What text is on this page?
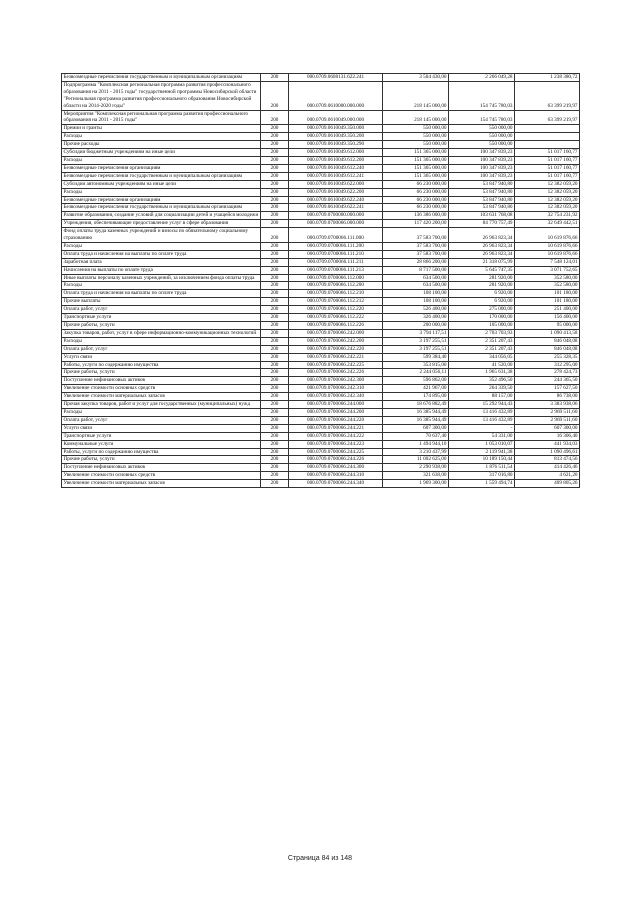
Безвозмездные перечисления государственным и муниципальным организациям	200	000.0709.0608131.622.241	3 504 430,00	2 266 049,28	1 238 380,72
Подпрограмма "Комплексная региональная программа развития профессионального образования на 2011 - 2015 годы" государственной программы Новосибирской области "Региональная программа развития профессионального образования Новосибирской области на 2014-2020 годы"	200	000.0709.0610000.000.000	218 145 000,00	154 745 780,03	63 399 219,97
Мероприятия "Комплексная региональная программа развития профессионального образования на 2011 - 2015 годы"	200	000.0709.0610049.000.000	218 145 000,00	154 745 780,03	63 399 219,97
Премии и гранты	200	000.0709.0610049.350.000	550 000,00	550 000,00	
Расходы	200	000.0709.0610049.350.200	550 000,00	550 000,00	
Прочие расходы	200	000.0709.0610049.350.290	550 000,00	550 000,00	
Субсидии бюджетным учреждениям на иные цели	200	000.0709.0610049.612.000	151 365 000,00	100 347 839,23	51 017 160,77
Расходы	200	000.0709.0610049.612.200	151 365 000,00	100 347 839,23	51 017 160,77
Безвозмездные перечисления организациям	200	000.0709.0610049.612.240	151 365 000,00	100 347 839,23	51 017 160,77
Безвозмездные перечисления государственным и муниципальным организациям	200	000.0709.0610049.612.241	151 365 000,00	100 347 839,23	51 017 160,77
Субсидии автономным учреждениям на иные цели	200	000.0709.0610049.622.000	66 230 000,00	53 847 940,80	12 382 059,20
Расходы	200	000.0709.0610049.622.200	66 230 000,00	53 847 940,80	12 382 059,20
Безвозмездные перечисления организациям	200	000.0709.0610049.622.240	66 230 000,00	53 847 940,80	12 382 059,20
Безвозмездные перечисления государственным и муниципальным организациям	200	000.0709.0610049.622.241	66 230 000,00	53 847 940,80	12 382 059,20
Развитие образования, создание условий для социализации детей и учащейся молодежи	200	000.0709.0700000.000.000	136 386 000,00	103 631 768,08	32 754 231,92
Учреждения, обеспечивающие предоставление услуг в сфере образования	200	000.0709.0700066.000.000	117 420 200,00	84 770 757,49	32 649 442,51
Фонд оплаты труда казенных учреждений и взносы по обязательному социальному страхованию	200	000.0709.0700066.111.000	37 583 700,00	26 963 823,34	10 619 876,66
Расходы	200	000.0709.0700066.111.200	37 583 700,00	26 963 823,34	10 619 876,66
Оплата труда и начисления на выплаты по оплате труда	200	000.0709.0700066.111.210	37 583 700,00	26 963 823,34	10 619 876,66
Заработная плата	200	000.0709.0700066.111.211	28 866 200,00	21 318 075,99	7 548 124,01
Начисления на выплаты по оплате труда	200	000.0709.0700066.111.213	8 717 500,00	5 645 747,35	3 071 752,65
Иные выплаты персоналу казенных учреждений, за исключением фонда оплаты труда	200	000.0709.0700066.112.000	634 500,00	281 920,00	352 580,00
Расходы	200	000.0709.0700066.112.200	634 500,00	281 920,00	352 580,00
Оплата труда и начисления на выплаты по оплате труда	200	000.0709.0700066.112.210	108 100,00	6 920,00	101 180,00
Прочие выплаты	200	000.0709.0700066.112.212	108 100,00	6 920,00	101 180,00
Оплата работ, услуг	200	000.0709.0700066.112.220	526 400,00	275 000,00	251 400,00
Транспортные услуги	200	000.0709.0700066.112.222	326 400,00	170 000,00	156 400,00
Прочие работы, услуги	200	000.0709.0700066.112.226	200 000,00	105 000,00	95 000,00
Закупка товаров, работ, услуг в сфере информационно-коммуникационных технологий	200	000.0709.0700066.242.000	3 794 117,51	2 703 703,93	1 090 413,58
Расходы	200	000.0709.0700066.242.200	3 197 255,51	2 351 207,43	846 048,08
Оплата работ, услуг	200	000.0709.0700066.242.220	3 197 255,51	2 351 207,43	846 048,08
Услуги связи	200	000.0709.0700066.242.221	599 384,40	344 056,05	255 328,35
Работы, услуги по содержанию имущества	200	000.0709.0700066.242.225	353 815,00	41 520,00	312 295,00
Прочие работы, услуги	200	000.0709.0700066.242.226	2 244 056,11	1 965 631,38	278 424,73
Поступление нефинансовых активов	200	000.0709.0700066.242.300	596 862,00	352 496,50	244 365,50
Увеличение стоимости основных средств	200	000.0709.0700066.242.310	421 967,00	264 339,50	157 627,50
Увеличение стоимости материальных запасов	200	000.0709.0700066.242.340	174 895,00	88 157,00	86 738,00
Прочая закупка товаров, работ и услуг для государственных (муниципальных) нужд	200	000.0709.0700066.244.000	18 676 882,49	15 292 944,43	3 383 938,06
Расходы	200	000.0709.0700066.244.200	16 385 944,49	13 416 432,89	2 969 511,60
Оплата работ, услуг	200	000.0709.0700066.244.220	16 385 944,49	13 416 432,89	2 969 511,60
Услуги связи	200	000.0709.0700066.244.221	607 300,00	-	607 300,00
Транспортные услуги	200	000.0709.0700066.244.222	70 637,40	54 331,00	16 306,40
Коммунальные услуги	200	000.0709.0700066.244.223	1 494 944,10	1 053 010,07	441 934,03
Работы, услуги по содержанию имущества	200	000.0709.0700066.244.225	3 210 437,99	2 119 941,38	1 090 496,61
Прочие работы, услуги	200	000.0709.0700066.244.226	11 002 625,00	10 189 150,44	813 474,56
Поступление нефинансовых активов	200	000.0709.0700066.244.300	2 290 938,00	1 876 511,54	414 426,46
Увеличение стоимости основных средств	200	000.0709.0700066.244.310	321 638,00	317 016,80	4 621,20
Увеличение стоимости материальных запасов	200	000.0709.0700066.244.340	1 969 300,00	1 559 494,74	409 805,26
Страница 84 из 148
